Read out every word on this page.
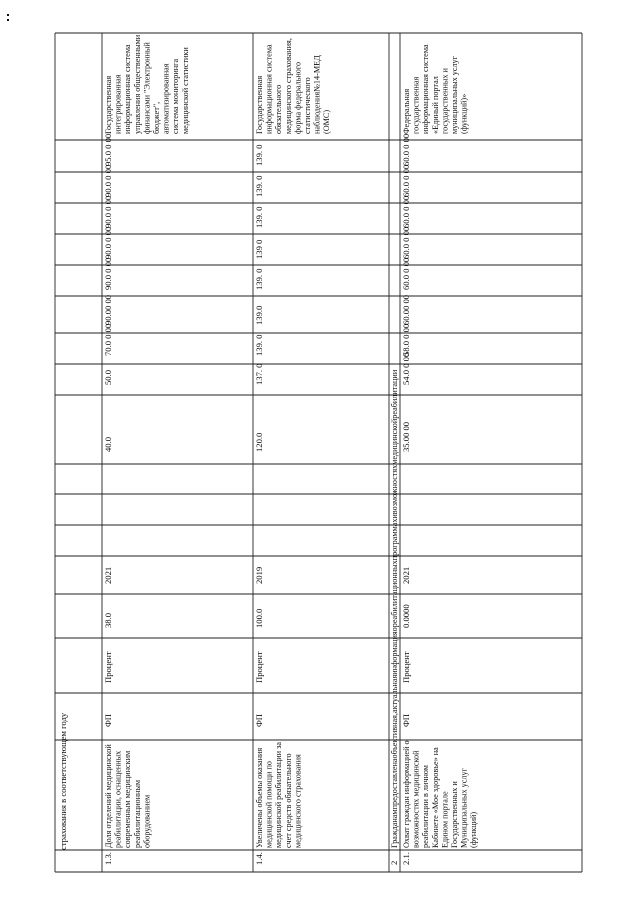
страхования в соответствующем году
1.3.
Доля отделений медицинскойреабилитации, оснащенныхсовременным медицинскимреабилитационнымоборудованием
ФП
Процент
38.0
2021
40.0
50.0
70.0 0 00
90.00 00
90.0 0 00
90.0 0 00
90.0 0 00
90.0 0 00
95.0 0 00
Государственнаяинтегрированнаяинформационная системауправления общественнымифинансами "Электронныйбюджет",автоматизированнаясистема мониторингамедицинской статистики
1.4.
Увеличены объемы оказаниямедицинской помощи помедицинской реабилитации засчет средств обязательногомедицинского страхования
ФП
Процент
100.0
2019
120.0
137. 0
139. 0
139.0
139. 0
139 0
139. 0
139. 0
139. 0
Государственнаяинформационная системаобязательногомедицинского страхования,форма федеральногостатистическогонаблюдения№14-МЕД(ОМС)
2
Гражданампредоставленаобъективная,актуальнаяинформацияореабилитационныхпрограммахивозможностяхмедицинскойреабилитации
2.1.
Охват граждан информацией овозможностях медицинскойреабилитации в личномКабинете «Мое здоровье» наЕдином порталеГосударственных иМуниципальных услуг(функций)
ФП
Процент
0.0000
2021
35.00 00
54.0 0 00
58.0 0 00
60.00 00
60.0 0 00
60.0 0 00
60.0 0 00
60.0 0 00
60.0 0 00
Федеральнаягосударственнаяинформационная система«Единый порталгосударственных имуниципальных услуг(функций)»
